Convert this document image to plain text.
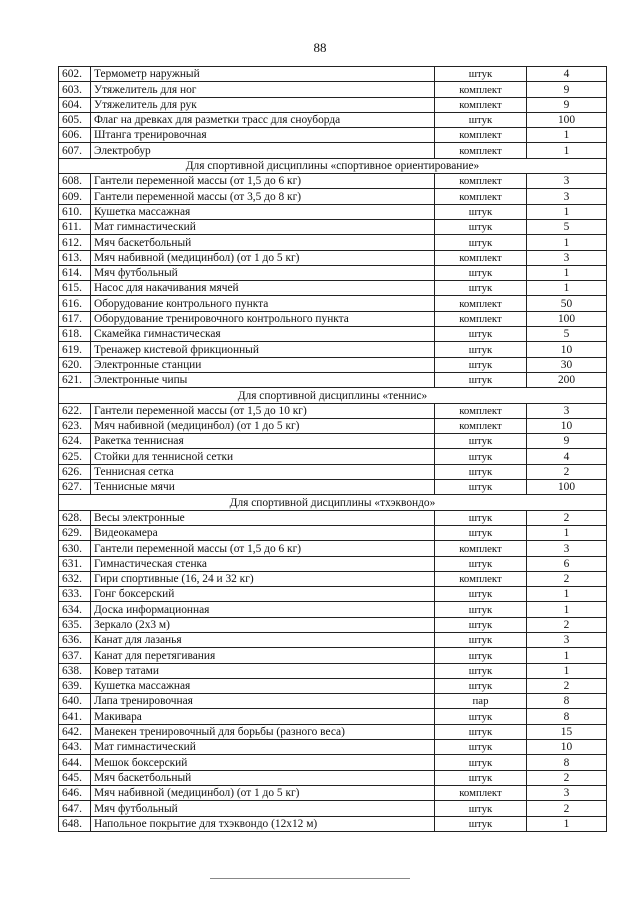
88
602.	Термометр наружный	штук	4
603.	Утяжелитель для ног	комплект	9
604.	Утяжелитель для рук	комплект	9
605.	Флаг на древках для разметки трасс для сноуборда	штук	100
606.	Штанга тренировочная	комплект	1
607.	Электробур	комплект	1
Для спортивной дисциплины «спортивное ориентирование»			
608.	Гантели переменной массы (от 1,5 до 6 кг)	комплект	3
609.	Гантели переменной массы (от 3,5 до 8 кг)	комплект	3
610.	Кушетка массажная	штук	1
611.	Мат гимнастический	штук	5
612.	Мяч баскетбольный	штук	1
613.	Мяч набивной (медицинбол) (от 1 до 5 кг)	комплект	3
614.	Мяч футбольный	штук	1
615.	Насос для накачивания мячей	штук	1
616.	Оборудование контрольного пункта	комплект	50
617.	Оборудование тренировочного контрольного пункта	комплект	100
618.	Скамейка гимнастическая	штук	5
619.	Тренажер кистевой фрикционный	штук	10
620.	Электронные станции	штук	30
621.	Электронные чипы	штук	200
Для спортивной дисциплины «теннис»			
622.	Гантели переменной массы (от 1,5 до 10 кг)	комплект	3
623.	Мяч набивной (медицинбол) (от 1 до 5 кг)	комплект	10
624.	Ракетка теннисная	штук	9
625.	Стойки для теннисной сетки	штук	4
626.	Теннисная сетка	штук	2
627.	Теннисные мячи	штук	100
Для спортивной дисциплины «тхэквондо»			
628.	Весы электронные	штук	2
629.	Видеокамера	штук	1
630.	Гантели переменной массы (от 1,5 до 6 кг)	комплект	3
631.	Гимнастическая стенка	штук	6
632.	Гири спортивные (16, 24 и 32 кг)	комплект	2
633.	Гонг боксерский	штук	1
634.	Доска информационная	штук	1
635.	Зеркало (2х3 м)	штук	2
636.	Канат для лазанья	штук	3
637.	Канат для перетягивания	штук	1
638.	Ковер татами	штук	1
639.	Кушетка массажная	штук	2
640.	Лапа тренировочная	пар	8
641.	Макивара	штук	8
642.	Манекен тренировочный для борьбы (разного веса)	штук	15
643.	Мат гимнастический	штук	10
644.	Мешок боксерский	штук	8
645.	Мяч баскетбольный	штук	2
646.	Мяч набивной (медицинбол) (от 1 до 5 кг)	комплект	3
647.	Мяч футбольный	штук	2
648.	Напольное покрытие для тхэквондо (12х12 м)	штук	1
